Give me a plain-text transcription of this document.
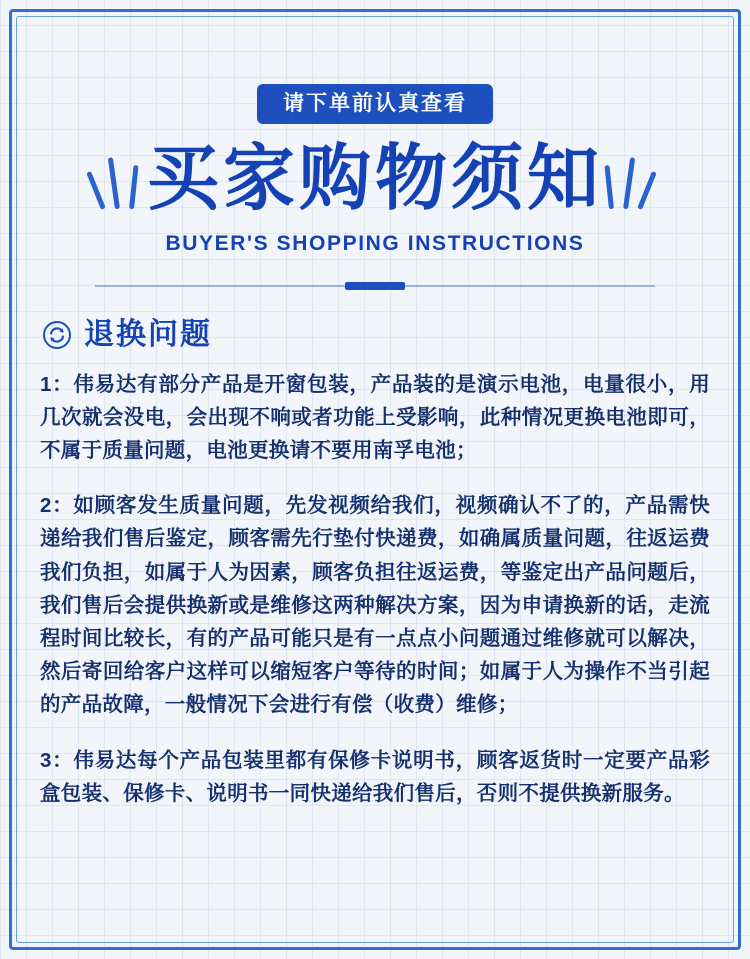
请下单前认真查看
买家购物须知
BUYER'S SHOPPING INSTRUCTIONS
退换问题

1：伟易达有部分产品是开窗包装，产品装的是演示电池，电量很小，用几次就会没电，会出现不响或者功能上受影响，此种情况更换电池即可，不属于质量问题，电池更换请不要用南孚电池；

2：如顾客发生质量问题，先发视频给我们，视频确认不了的，产品需快递给我们售后鉴定，顾客需先行垫付快递费，如确属质量问题，往返运费我们负担，如属于人为因素，顾客负担往返运费，等鉴定出产品问题后，我们售后会提供换新或是维修这两种解决方案，因为申请换新的话，走流程时间比较长，有的产品可能只是有一点点小问题通过维修就可以解决，然后寄回给客户这样可以缩短客户等待的时间；如属于人为操作不当引起的产品故障，一般情况下会进行有偿（收费）维修；

3：伟易达每个产品包装里都有保修卡说明书，顾客返货时一定要产品彩盒包装、保修卡、说明书一同快递给我们售后，否则不提供换新服务。
